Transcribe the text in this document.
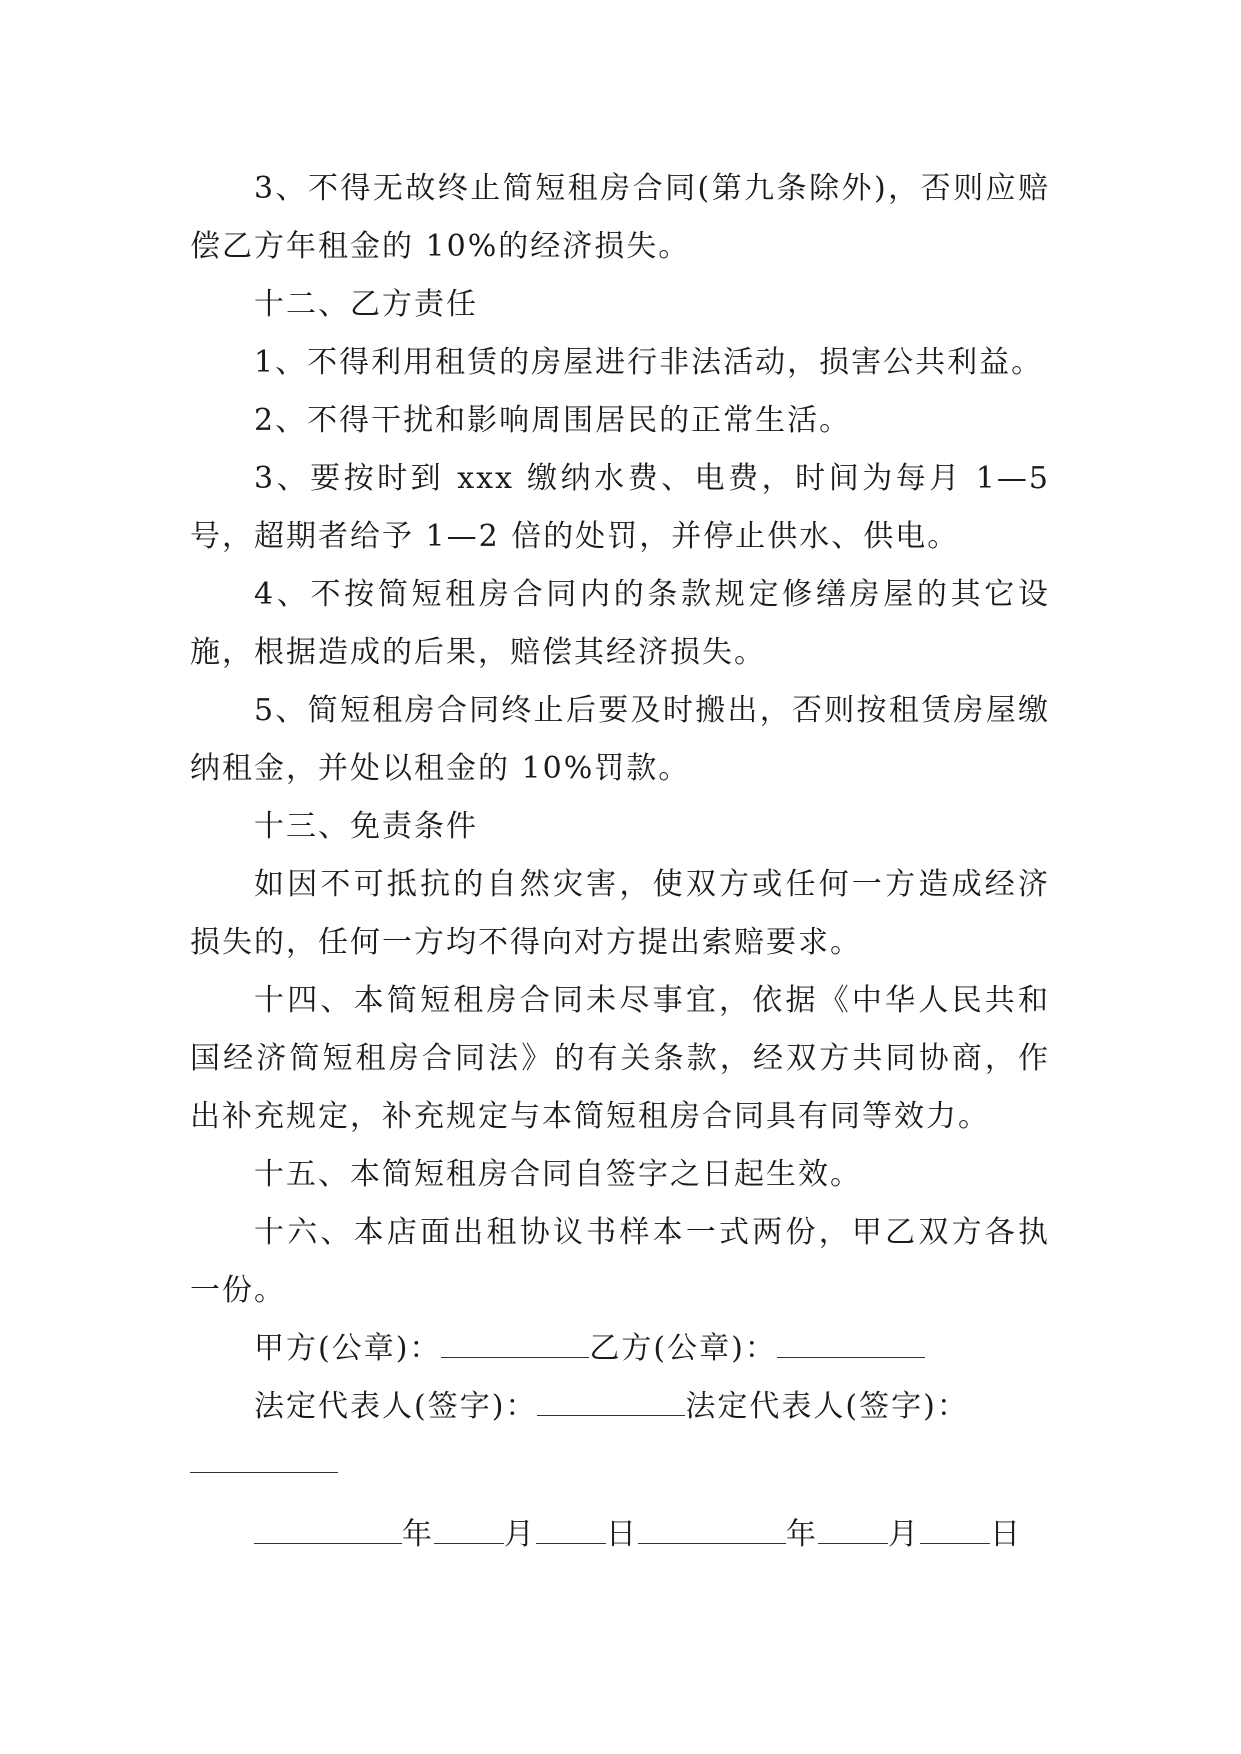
3、不得无故终止简短租房合同(第九条除外)，否则应赔偿乙方年租金的 10%的经济损失。

十二、乙方责任

1、不得利用租赁的房屋进行非法活动，损害公共利益。

2、不得干扰和影响周围居民的正常生活。

3、要按时到 xxx 缴纳水费、电费，时间为每月 1—5 号，超期者给予 1—2 倍的处罚，并停止供水、供电。

4、不按简短租房合同内的条款规定修缮房屋的其它设施，根据造成的后果，赔偿其经济损失。

5、简短租房合同终止后要及时搬出，否则按租赁房屋缴纳租金，并处以租金的 10%罚款。

十三、免责条件

如因不可抵抗的自然灾害，使双方或任何一方造成经济损失的，任何一方均不得向对方提出索赔要求。

十四、本简短租房合同未尽事宜，依据《中华人民共和国经济简短租房合同法》的有关条款，经双方共同协商，作出补充规定，补充规定与本简短租房合同具有同等效力。

十五、本简短租房合同自签字之日起生效。

十六、本店面出租协议书样本一式两份，甲乙双方各执一份。

甲方(公章)：	乙方(公章)：

法定代表人(签字)：	法定代表人(签字)：

年 月 日	年 月 日
